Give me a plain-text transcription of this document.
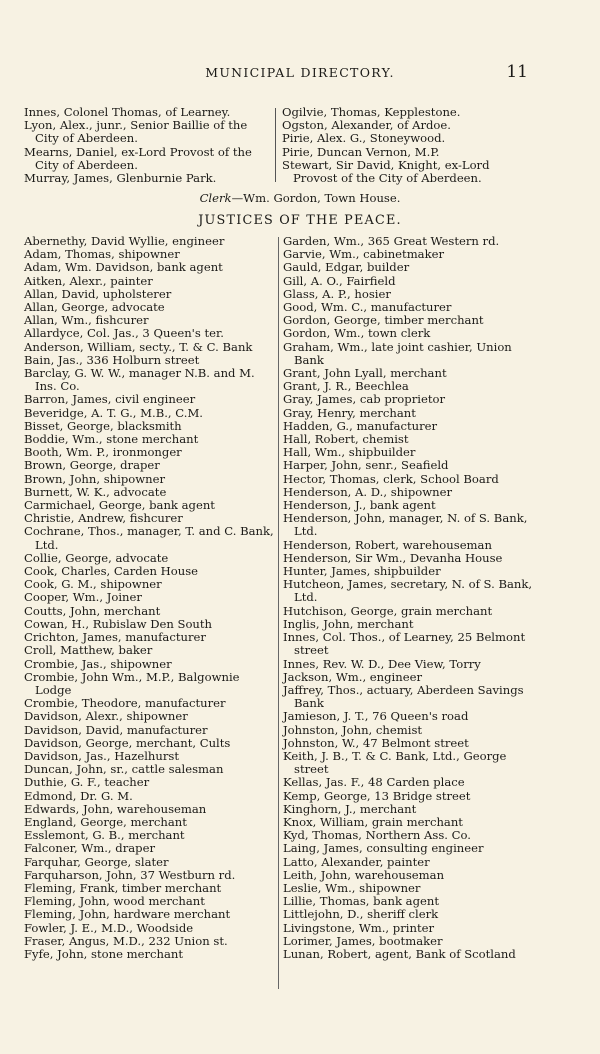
MUNICIPAL DIRECTORY.	11
Innes, Colonel Thomas, of Learney.
Lyon, Alex., junr., Senior Baillie of the City of Aberdeen.
Mearns, Daniel, ex-Lord Provost of the City of Aberdeen.
Murray, James, Glenburnie Park.
Ogilvie, Thomas, Kepplestone.
Ogston, Alexander, of Ardoe.
Pirie, Alex. G., Stoneywood.
Pirie, Duncan Vernon, M.P.
Stewart, Sir David, Knight, ex-Lord Provost of the City of Aberdeen.
Clerk—Wm. Gordon, Town House.
JUSTICES OF THE PEACE.
Abernethy, David Wyllie, engineer
Adam, Thomas, shipowner
Adam, Wm. Davidson, bank agent
Aitken, Alexr., painter
Allan, David, upholsterer
Allan, George, advocate
Allan, Wm., fishcurer
Allardyce, Col. Jas., 3 Queen's ter.
Anderson, William, secty., T. & C. Bank
Bain, Jas., 336 Holburn street
Barclay, G. W. W., manager N.B. and M. Ins. Co.
Barron, James, civil engineer
Beveridge, A. T. G., M.B., C.M.
Bisset, George, blacksmith
Boddie, Wm., stone merchant
Booth, Wm. P., ironmonger
Brown, George, draper
Brown, John, shipowner
Burnett, W. K., advocate
Carmichael, George, bank agent
Christie, Andrew, fishcurer
Cochrane, Thos., manager, T. and C. Bank, Ltd.
Collie, George, advocate
Cook, Charles, Carden House
Cook, G. M., shipowner
Cooper, Wm., Joiner
Coutts, John, merchant
Cowan, H., Rubislaw Den South
Crichton, James, manufacturer
Croll, Matthew, baker
Crombie, Jas., shipowner
Crombie, John Wm., M.P., Balgownie Lodge
Crombie, Theodore, manufacturer
Davidson, Alexr., shipowner
Davidson, David, manufacturer
Davidson, George, merchant, Cults
Davidson, Jas., Hazelhurst
Duncan, John, sr., cattle salesman
Duthie, G. F., teacher
Edmond, Dr. G. M.
Edwards, John, warehouseman
England, George, merchant
Esslemont, G. B., merchant
Falconer, Wm., draper
Farquhar, George, slater
Farquharson, John, 37 Westburn rd.
Fleming, Frank, timber merchant
Fleming, John, wood merchant
Fleming, John, hardware merchant
Fowler, J. E., M.D., Woodside
Fraser, Angus, M.D., 232 Union st.
Fyfe, John, stone merchant
Garden, Wm., 365 Great Western rd.
Garvie, Wm., cabinetmaker
Gauld, Edgar, builder
Gill, A. O., Fairfield
Glass, A. P., hosier
Good, Wm. C., manufacturer
Gordon, George, timber merchant
Gordon, Wm., town clerk
Graham, Wm., late joint cashier, Union Bank
Grant, John Lyall, merchant
Grant, J. R., Beechlea
Gray, James, cab proprietor
Gray, Henry, merchant
Hadden, G., manufacturer
Hall, Robert, chemist
Hall, Wm., shipbuilder
Harper, John, senr., Seafield
Hector, Thomas, clerk, School Board
Henderson, A. D., shipowner
Henderson, J., bank agent
Henderson, John, manager, N. of S. Bank, Ltd.
Henderson, Robert, warehouseman
Henderson, Sir Wm., Devanha House
Hunter, James, shipbuilder
Hutcheon, James, secretary, N. of S. Bank, Ltd.
Hutchison, George, grain merchant
Inglis, John, merchant
Innes, Col. Thos., of Learney, 25 Belmont street
Innes, Rev. W. D., Dee View, Torry
Jackson, Wm., engineer
Jaffrey, Thos., actuary, Aberdeen Savings Bank
Jamieson, J. T., 76 Queen's road
Johnston, John, chemist
Johnston, W., 47 Belmont street
Keith, J. B., T. & C. Bank, Ltd., George street
Kellas, Jas. F., 48 Carden place
Kemp, George, 13 Bridge street
Kinghorn, J., merchant
Knox, William, grain merchant
Kyd, Thomas, Northern Ass. Co.
Laing, James, consulting engineer
Latto, Alexander, painter
Leith, John, warehouseman
Leslie, Wm., shipowner
Lillie, Thomas, bank agent
Littlejohn, D., sheriff clerk
Livingstone, Wm., printer
Lorimer, James, bootmaker
Lunan, Robert, agent, Bank of Scotland
